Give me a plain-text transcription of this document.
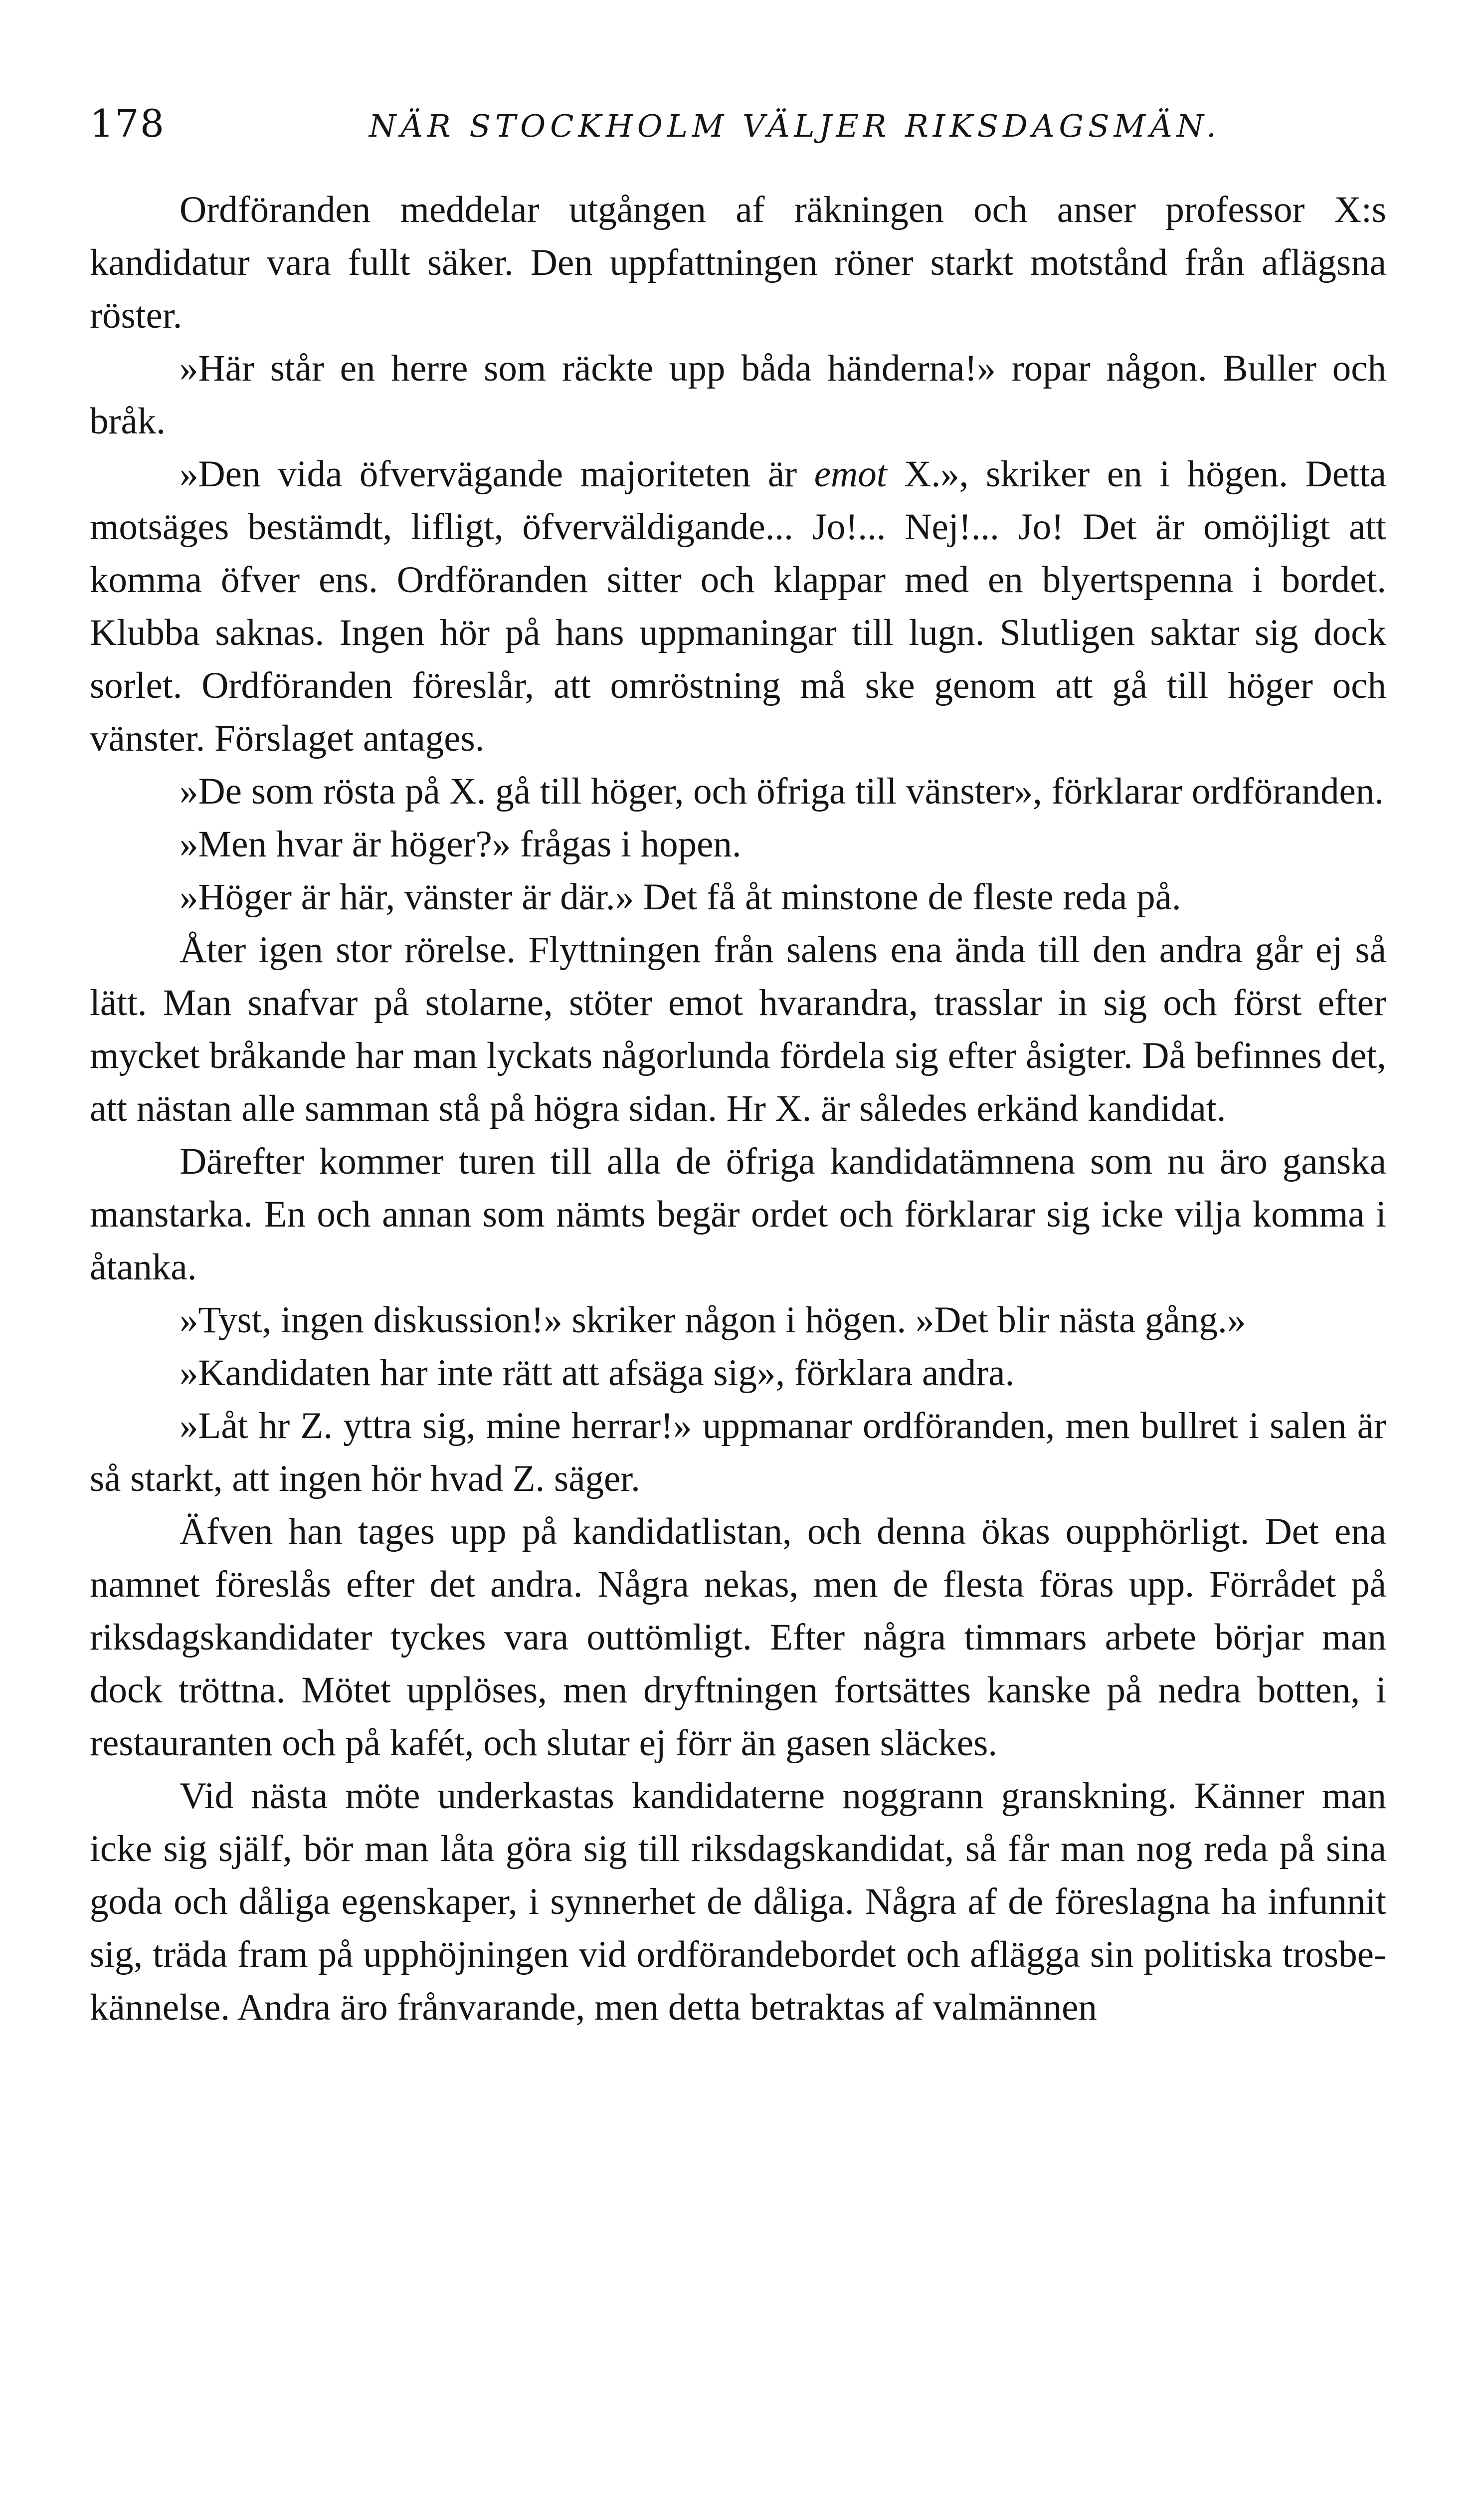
178	NÄR STOCKHOLM VÄLJER RIKSDAGSMÄN.

Ordföranden meddelar utgången af räkningen och anser professor X:s kandidatur vara fullt säker. Den uppfattningen röner starkt motstånd från aflägsna röster.

»Här står en herre som räckte upp båda händerna!» ropar någon. Buller och bråk.

»Den vida öfvervägande majoriteten är emot X.», skriker en i högen. Detta motsäges bestämdt, lifligt, öfverväldigande... Jo!... Nej!... Jo! Det är omöjligt att komma öfver ens. Ordföranden sitter och klappar med en blyertspenna i bordet. Klubba saknas. Ingen hör på hans uppmaningar till lugn. Slutligen saktar sig dock sorlet. Ordföranden föreslår, att omröstning må ske genom att gå till höger och vänster. Förslaget antages.

»De som rösta på X. gå till höger, och öfriga till vänster», förklarar ordföranden.

»Men hvar är höger?» frågas i hopen.

»Höger är här, vänster är där.» Det få åt minstone de fleste reda på.

Åter igen stor rörelse. Flyttningen från salens ena ända till den andra går ej så lätt. Man snafvar på stolarne, stöter emot hvarandra, trasslar in sig och först efter mycket bråkande har man lyckats någorlunda fördela sig efter åsigter. Då befinnes det, att nästan alle samman stå på högra sidan. Hr X. är således erkänd kandidat.

Därefter kommer turen till alla de öfriga kandidatämnena som nu äro ganska manstarka. En och annan som nämts begär ordet och förklarar sig icke vilja komma i åtanka.

»Tyst, ingen diskussion!» skriker någon i högen. »Det blir nästa gång.»

»Kandidaten har inte rätt att afsäga sig», förklara andra.

»Låt hr Z. yttra sig, mine herrar!» uppmanar ordföranden, men bullret i salen är så starkt, att ingen hör hvad Z. säger.

Äfven han tages upp på kandidatlistan, och denna ökas oupphörligt. Det ena namnet föreslås efter det andra. Några nekas, men de flesta föras upp. Förrådet på riksdagskandidater tyckes vara outtömligt. Efter några timmars arbete börjar man dock tröttna. Mötet upplöses, men dryftningen fortsättes kanske på nedra botten, i restauranten och på kafét, och slutar ej förr än gasen släckes.

Vid nästa möte underkastas kandidaterne noggrann granskning. Känner man icke sig själf, bör man låta göra sig till riksdagskandidat, så får man nog reda på sina goda och dåliga egenskaper, i synnerhet de dåliga. Några af de föreslagna ha infunnit sig, träda fram på upphöjningen vid ordförandebordet och aflägga sin politiska trosbekännelse. Andra äro frånvarande, men detta betraktas af valmännen
